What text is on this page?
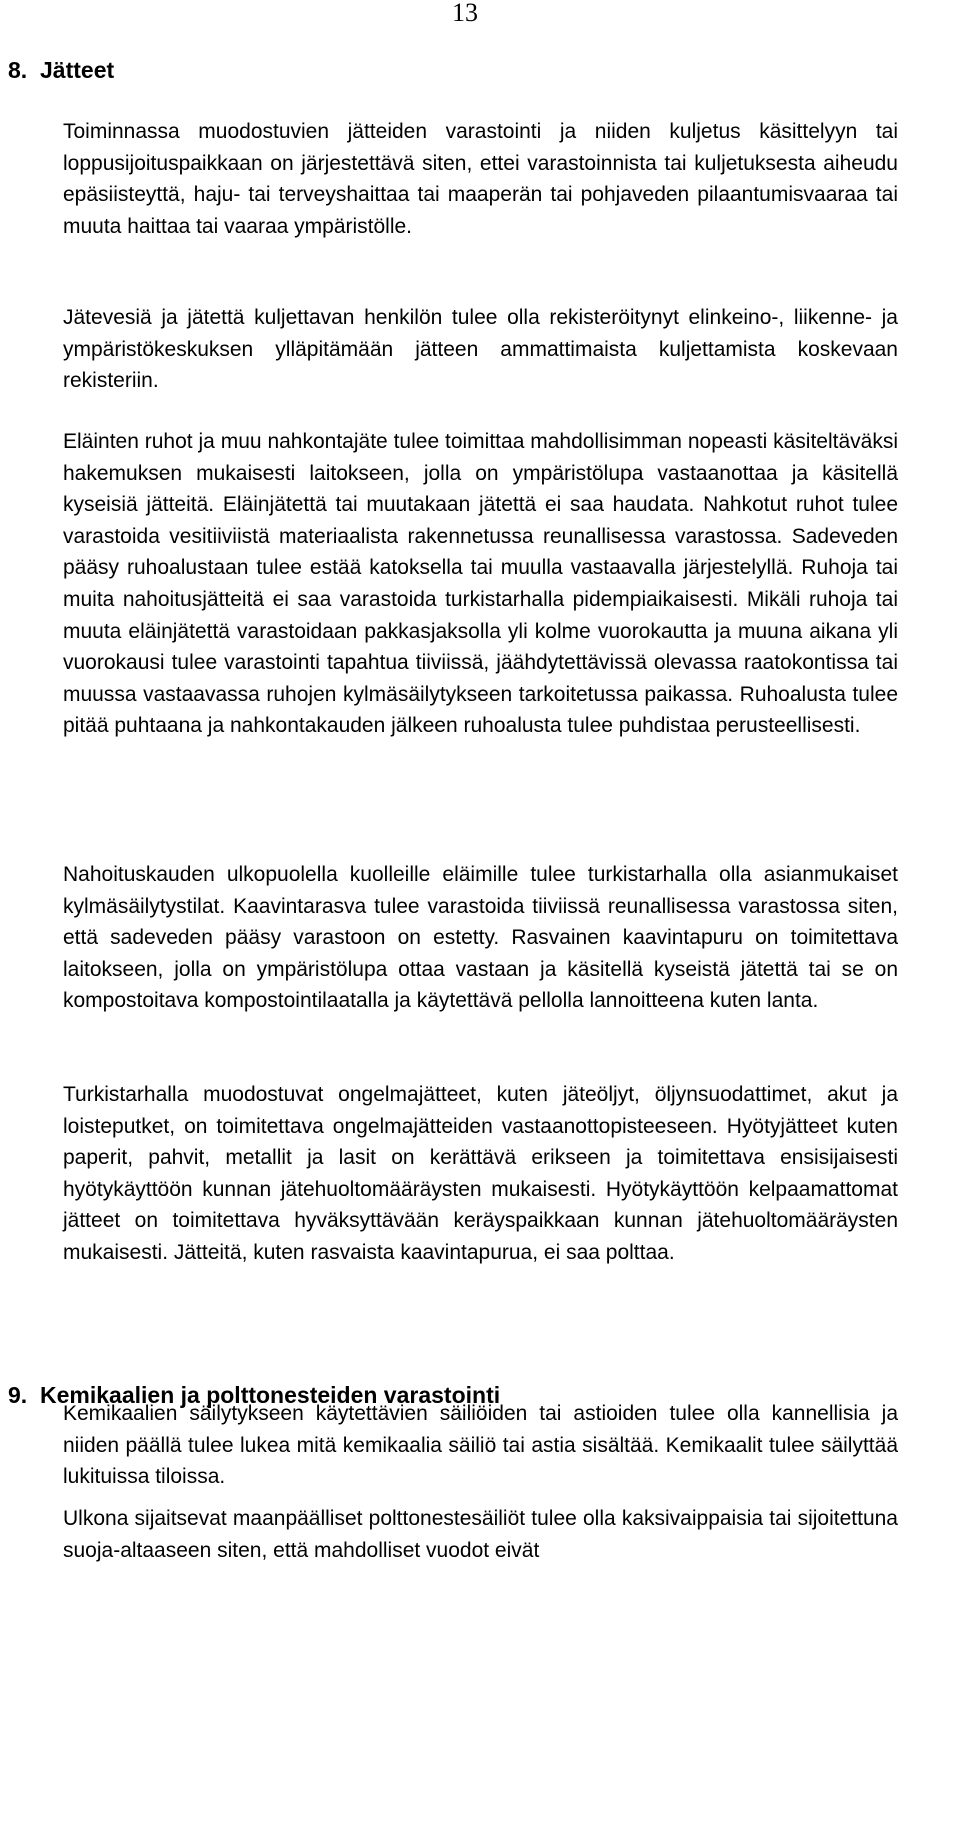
13
8. Jätteet

Toiminnassa muodostuvien jätteiden varastointi ja niiden kuljetus käsittelyyn tai loppusijoituspaikkaan on järjestettävä siten, ettei varastoinnista tai kuljetuksesta aiheudu epäsiisteyttä, haju- tai terveyshaittaa tai maaperän tai pohjaveden pilaantumisvaaraa tai muuta haittaa tai vaaraa ympäristölle.

Jätevesiä ja jätettä kuljettavan henkilön tulee olla rekisteröitynyt elinkeino-, liikenne- ja ympäristökeskuksen ylläpitämään jätteen ammattimaista kuljettamista koskevaan rekisteriin.

Eläinten ruhot ja muu nahkontajäte tulee toimittaa mahdollisimman nopeasti käsiteltäväksi hakemuksen mukaisesti laitokseen, jolla on ympäristölupa vastaanottaa ja käsitellä kyseisiä jätteitä. Eläinjätettä tai muutakaan jätettä ei saa haudata. Nahkotut ruhot tulee varastoida vesitiiviistä materiaalista rakennetussa reunallisessa varastossa. Sadeveden pääsy ruhoalustaan tulee estää katoksella tai muulla vastaavalla järjestelyllä. Ruhoja tai muita nahoitusjätteitä ei saa varastoida turkistarhalla pidempiaikaisesti. Mikäli ruhoja tai muuta eläinjätettä varastoidaan pakkasjaksolla yli kolme vuorokautta ja muuna aikana yli vuorokausi tulee varastointi tapahtua tiiviissä, jäähdytettävissä olevassa raatokontissa tai muussa vastaavassa ruhojen kylmäsäilytykseen tarkoitetussa paikassa. Ruhoalusta tulee pitää puhtaana ja nahkontakauden jälkeen ruhoalusta tulee puhdistaa perusteellisesti.

Nahoituskauden ulkopuolella kuolleille eläimille tulee turkistarhalla olla asianmukaiset kylmäsäilytystilat. Kaavintarasva tulee varastoida tiiviissä reunallisessa varastossa siten, että sadeveden pääsy varastoon on estetty. Rasvainen kaavintapuru on toimitettava laitokseen, jolla on ympäristölupa ottaa vastaan ja käsitellä kyseistä jätettä tai se on kompostoitava kompostointilaatalla ja käytettävä pellolla lannoitteena kuten lanta.

Turkistarhalla muodostuvat ongelmajätteet, kuten jäteöljyt, öljynsuodattimet, akut ja loisteputket, on toimitettava ongelmajätteiden vastaanottopisteeseen. Hyötyjätteet kuten paperit, pahvit, metallit ja lasit on kerättävä erikseen ja toimitettava ensisijaisesti hyötykäyttöön kunnan jätehuoltomääräysten mukaisesti. Hyötykäyttöön kelpaamattomat jätteet on toimitettava hyväksyttävään keräyspaikkaan kunnan jätehuoltomääräysten mukaisesti. Jätteitä, kuten rasvaista kaavintapurua, ei saa polttaa.

9. Kemikaalien ja polttonesteiden varastointi

Kemikaalien säilytykseen käytettävien säiliöiden tai astioiden tulee olla kannellisia ja niiden päällä tulee lukea mitä kemikaalia säiliö tai astia sisältää. Kemikaalit tulee säilyttää lukituissa tiloissa.

Ulkona sijaitsevat maanpäälliset polttonestesäiliöt tulee olla kaksivaippaisia tai sijoitettuna suoja-altaaseen siten, että mahdolliset vuodot eivät
